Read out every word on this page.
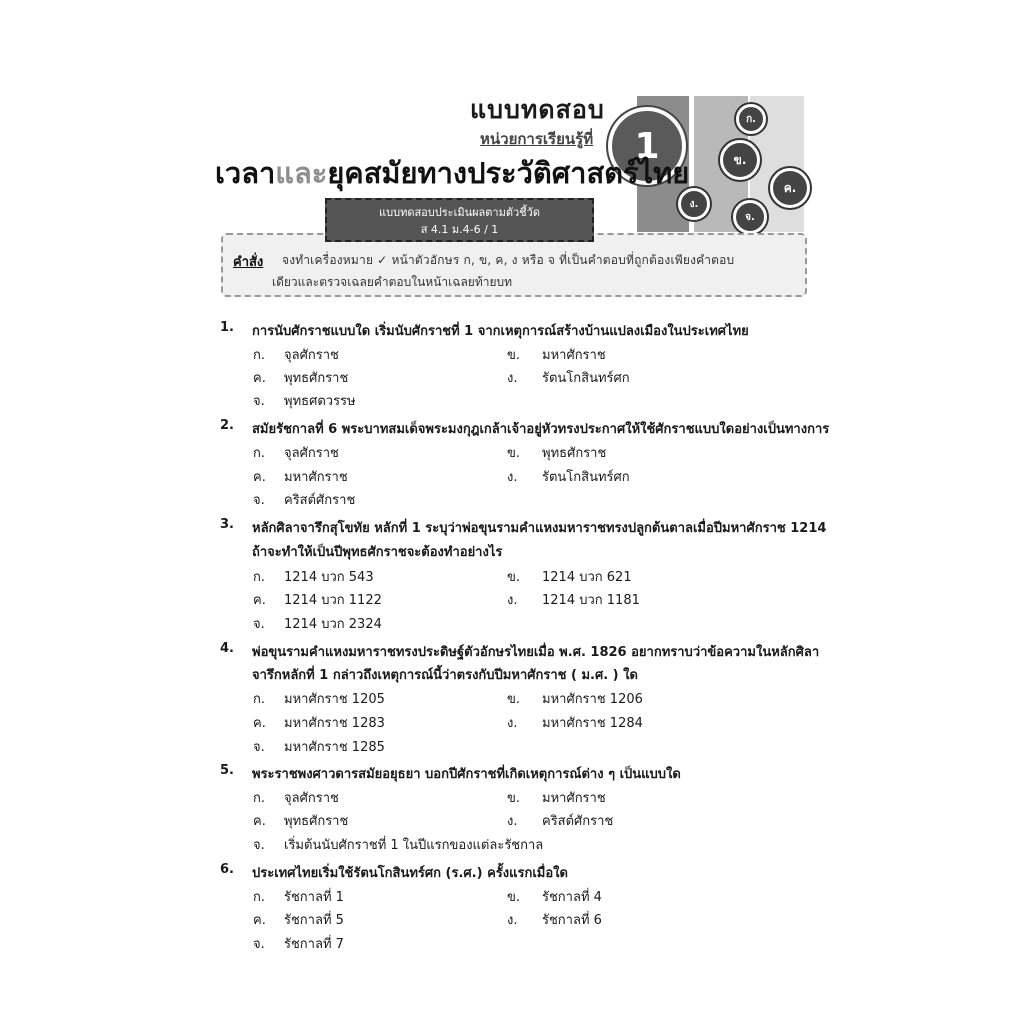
แบบทดสอบ
หน่วยการเรียนรู้ที่	1
ก.
ข.
ค.
ง.
จ.
เวลาและยุคสมัยทางประวัติศาสตร์ไทย
คำสั่ง จงทำเครื่องหมาย ✓ หน้าตัวอักษร ก, ข, ค, ง หรือ จ ที่เป็นคำตอบที่ถูกต้องเพียงคำตอบ
เดียวและตรวจเฉลยคำตอบในหน้าเฉลยท้ายบท
แบบทดสอบประเมินผลตามตัวชี้วัด
ส 4.1 ม.4-6 / 1
1. การนับศักราชแบบใด เริ่มนับศักราชที่ 1 จากเหตุการณ์สร้างบ้านแปลงเมืองในประเทศไทย
ก. จุลศักราช	ข. มหาศักราช
ค. พุทธศักราช	ง. รัตนโกสินทร์ศก
จ. พุทธศตวรรษ
2. สมัยรัชกาลที่ 6 พระบาทสมเด็จพระมงกุฎเกล้าเจ้าอยู่หัวทรงประกาศให้ใช้ศักราชแบบใดอย่างเป็นทางการ
ก. จุลศักราช	ข. พุทธศักราช
ค. มหาศักราช	ง. รัตนโกสินทร์ศก
จ. คริสต์ศักราช
3. หลักศิลาจารึกสุโขทัย หลักที่ 1 ระบุว่าพ่อขุนรามคำแหงมหาราชทรงปลูกต้นตาลเมื่อปีมหาศักราช 1214
ถ้าจะทำให้เป็นปีพุทธศักราชจะต้องทำอย่างไร
ก. 1214 บวก 543	ข. 1214 บวก 621
ค. 1214 บวก 1122	ง. 1214 บวก 1181
จ. 1214 บวก 2324
4. พ่อขุนรามคำแหงมหาราชทรงประดิษฐ์ตัวอักษรไทยเมื่อ พ.ศ. 1826 อยากทราบว่าข้อความในหลักศิลา
จารึกหลักที่ 1 กล่าวถึงเหตุการณ์นี้ว่าตรงกับปีมหาศักราช ( ม.ศ. ) ใด
ก. มหาศักราช 1205	ข. มหาศักราช 1206
ค. มหาศักราช 1283	ง. มหาศักราช 1284
จ. มหาศักราช 1285
5. พระราชพงศาวดารสมัยอยุธยา บอกปีศักราชที่เกิดเหตุการณ์ต่าง ๆ เป็นแบบใด
ก. จุลศักราช	ข. มหาศักราช
ค. พุทธศักราช	ง. คริสต์ศักราช
จ. เริ่มต้นนับศักราชที่ 1 ในปีแรกของแต่ละรัชกาล
6. ประเทศไทยเริ่มใช้รัตนโกสินทร์ศก (ร.ศ.) ครั้งแรกเมื่อใด
ก. รัชกาลที่ 1	ข. รัชกาลที่ 4
ค. รัชกาลที่ 5	ง. รัชกาลที่ 6
จ. รัชกาลที่ 7
